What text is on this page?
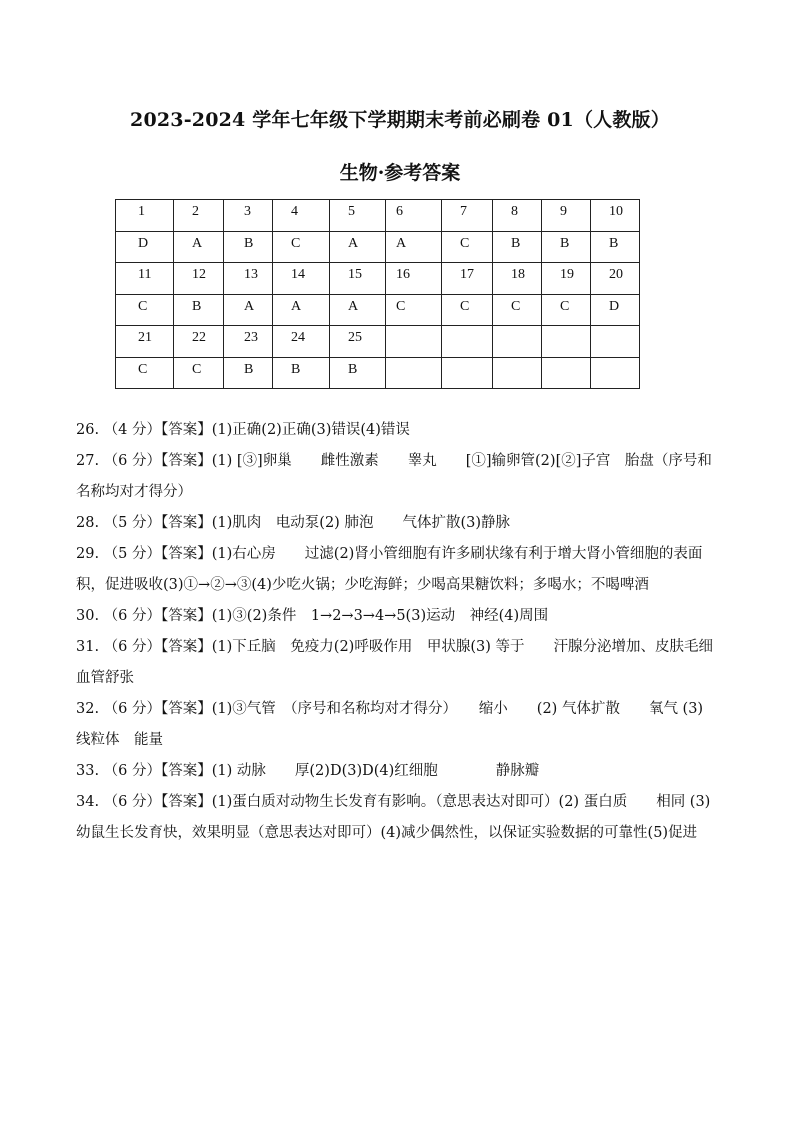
2023-2024 学年七年级下学期期末考前必刷卷 01（人教版）
生物·参考答案
1	2	3	4	5	6	7	8	9	10
D	A	B	C	A	A	C	B	B	B
11	12	13	14	15	16	17	18	19	20
C	B	A	A	A	C	C	C	C	D
21	22	23	24	25					
C	C	B	B	B					

26. （4 分）【答案】(1)正确(2)正确(3)错误(4)错误

27. （6 分）【答案】(1) [③]卵巢　　雌性激素　　睾丸　　[①]输卵管(2)[②]子宫　胎盘（序号和名称均对才得分）

28. （5 分）【答案】(1)肌肉　电动泵(2) 肺泡　　气体扩散(3)静脉

29. （5 分）【答案】(1)右心房　　过滤(2)肾小管细胞有许多刷状缘有利于增大肾小管细胞的表面积，促进吸收(3)①→②→③(4)少吃火锅；少吃海鲜；少喝高果糖饮料；多喝水；不喝啤酒

30. （6 分）【答案】(1)③(2)条件　1→2→3→4→5(3)运动　神经(4)周围

31. （6 分）【答案】(1)下丘脑　免疫力(2)呼吸作用　甲状腺(3) 等于　　汗腺分泌增加、皮肤毛细血管舒张

32. （6 分）【答案】(1)③气管　（序号和名称均对才得分）　　缩小　　(2) 气体扩散　　氧气 (3) 线粒体　能量

33. （6 分）【答案】(1) 动脉　　厚(2)D(3)D(4)红细胞　　　　静脉瓣

34. （6 分）【答案】(1)蛋白质对动物生长发育有影响。（意思表达对即可）(2) 蛋白质　　相同 (3)幼鼠生长发育快，效果明显（意思表达对即可）(4)减少偶然性，以保证实验数据的可靠性(5)促进
